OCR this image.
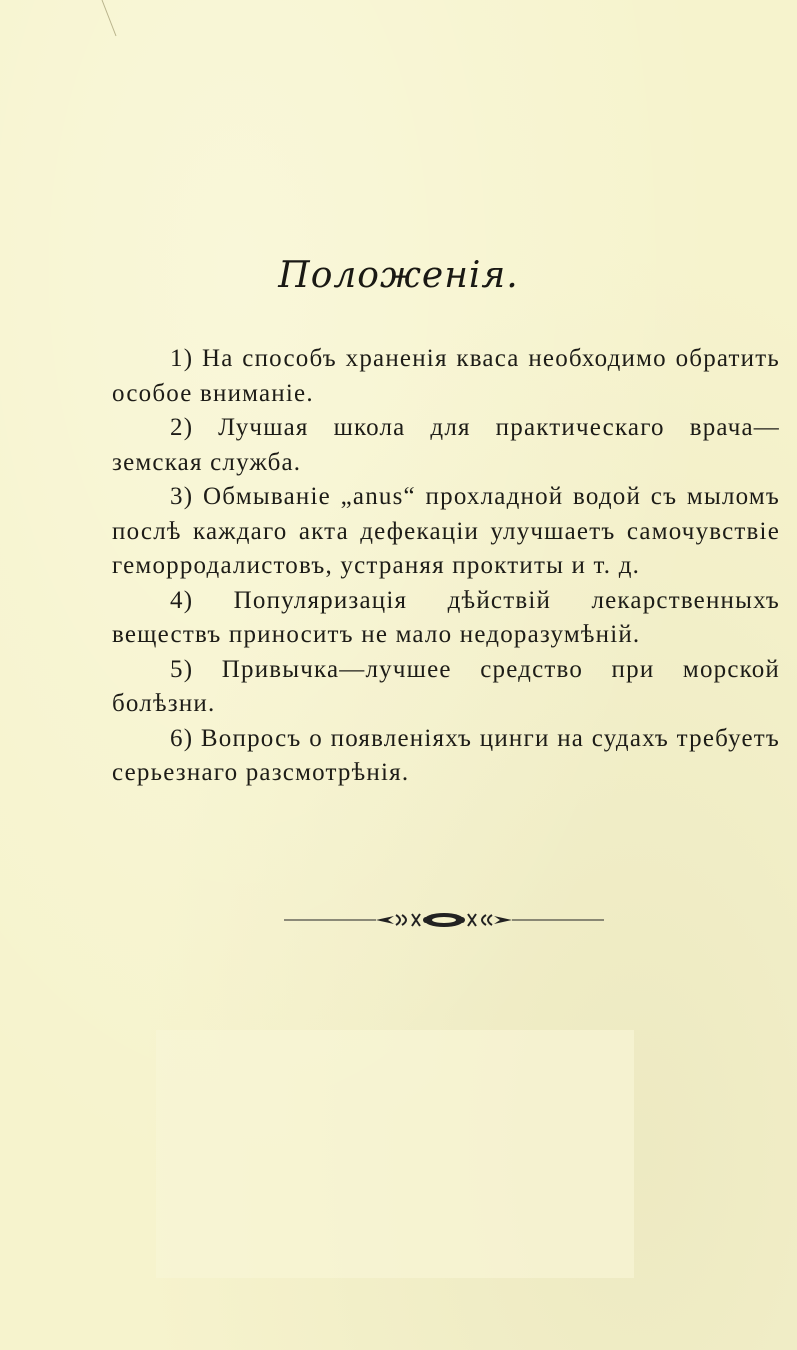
Положенія.

1) На способъ храненія кваса необходимо обратить особое вниманіе.

2) Лучшая школа для практическаго врача— земская служба.

3) Обмываніе „anus“ прохладной водой съ мыломъ послѣ каждаго акта дефекаціи улучшаетъ самочувствіе геморродалистовъ, устраняя проктиты и т. д.

4) Популяризація дѣйствій лекарственныхъ веществъ приноситъ не мало недоразумѣній.

5) Привычка—лучшее средство при морской болѣзни.

6) Вопросъ о появленіяхъ цинги на судахъ требуетъ серьезнаго разсмотрѣнія.
